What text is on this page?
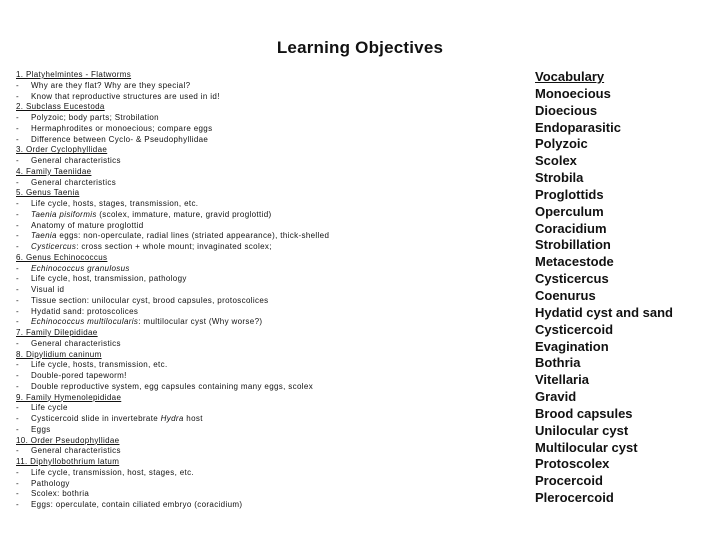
Learning Objectives
1. Platyhelmintes - Flatworms
- Why are they flat? Why are they special?
- Know that reproductive structures are used in id!
2. Subclass Eucestoda
- Polyzoic; body parts; Strobilation
- Hermaphrodites or monoecious; compare eggs
- Difference between Cyclo- & Pseudophyllidae
3. Order Cyclophyllidae
- General characteristics
4. Family Taeniidae
- General charcteristics
5. Genus Taenia
- Life cycle, hosts, stages, transmission, etc.
- Taenia pisiformis (scolex, immature, mature, gravid proglottid)
- Anatomy of mature proglottid
- Taenia eggs: non-operculate, radial lines (striated appearance), thick-shelled
- Cysticercus: cross section + whole mount; invaginated scolex;
6. Genus Echinococcus
- Echinococcus granulosus
- Life cycle, host, transmission, pathology
- Visual id
- Tissue section: unilocular cyst, brood capsules, protoscolices
- Hydatid sand: protoscolices
- Echinococcus multilocularis: multilocular cyst (Why worse?)
7. Family Dilepididae
- General characteristics
8. Dipylidium caninum
- Life cycle, hosts, transmission, etc.
- Double-pored tapeworm!
- Double reproductive system, egg capsules containing many eggs, scolex
9. Family Hymenolepididae
- Life cycle
- Cysticercoid slide in invertebrate Hydra host
- Eggs
10. Order Pseudophyllidae
- General characteristics
11. Diphyllobothrium latum
- Life cycle, transmission, host, stages, etc.
- Pathology
- Scolex: bothria
- Eggs: operculate, contain ciliated embryo (coracidium)
Vocabulary
Monoecious
Dioecious
Endoparasitic
Polyzoic
Scolex
Strobila
Proglottids
Operculum
Coracidium
Strobillation
Metacestode
Cysticercus
Coenurus
Hydatid cyst and sand
Cysticercoid
Evagination
Bothria
Vitellaria
Gravid
Brood capsules
Unilocular cyst
Multilocular cyst
Protoscolex
Procercoid
Plerocercoid
